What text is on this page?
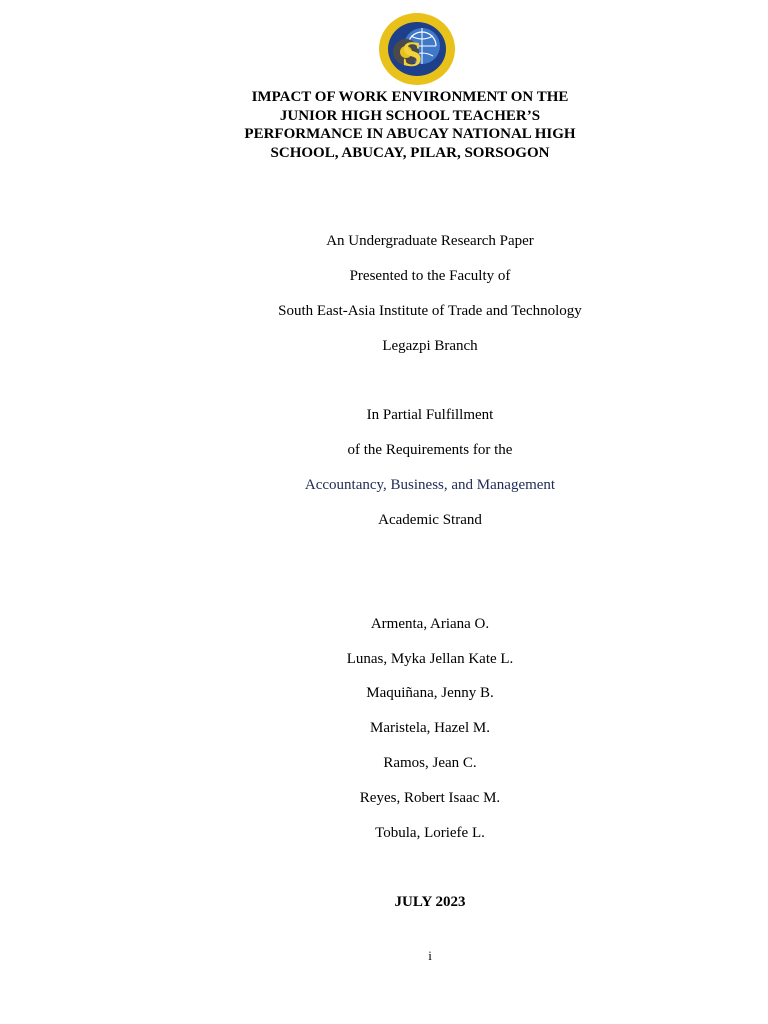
S
IMPACT OF WORK ENVIRONMENT ON THE
JUNIOR HIGH SCHOOL TEACHER’S
PERFORMANCE IN ABUCAY NATIONAL HIGH
SCHOOL, ABUCAY, PILAR, SORSOGON
An Undergraduate Research Paper
Presented to the Faculty of
South East-Asia Institute of Trade and Technology
Legazpi Branch
In Partial Fulfillment
of the Requirements for the
Accountancy, Business, and Management
Academic Strand
Armenta, Ariana O.
Lunas, Myka Jellan Kate L.
Maquiñana, Jenny B.
Maristela, Hazel M.
Ramos, Jean C.
Reyes, Robert Isaac M.
Tobula, Loriefe L.
JULY 2023
i
